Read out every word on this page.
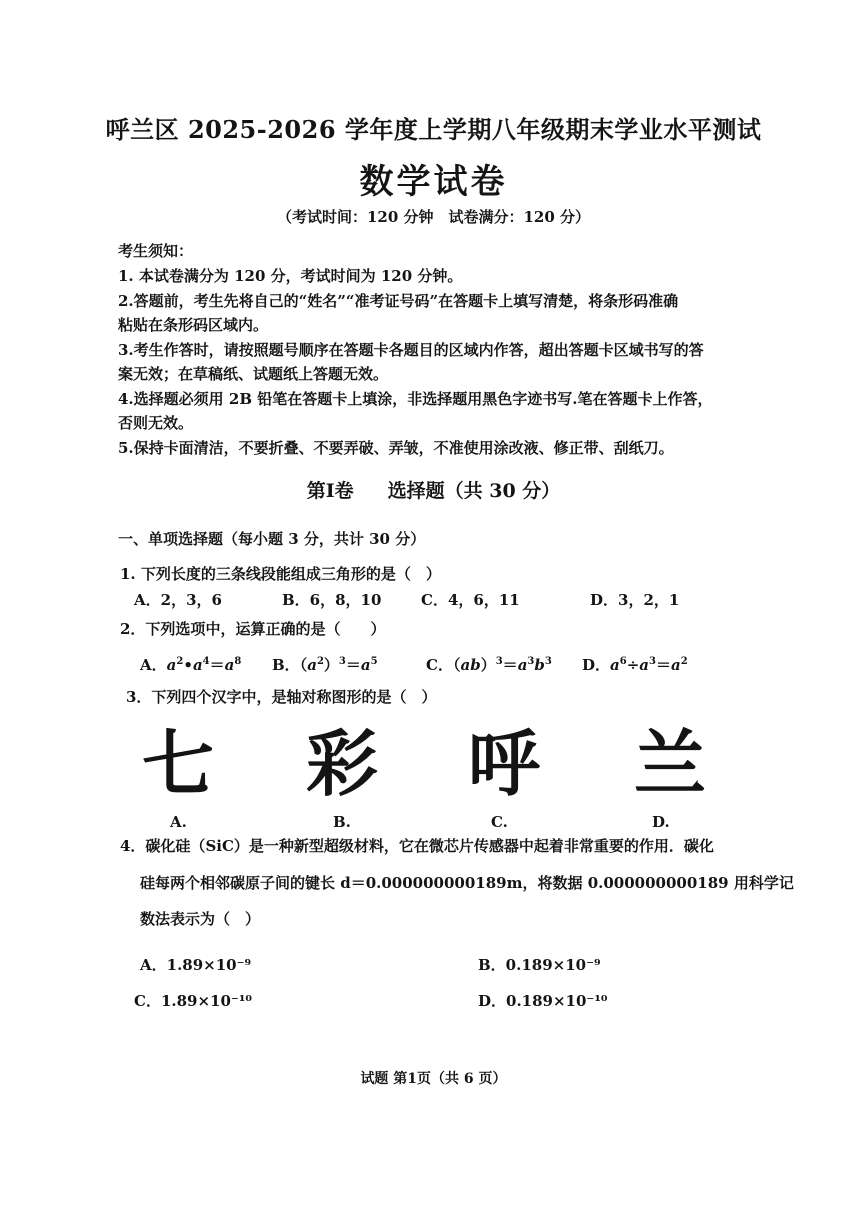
呼兰区 2025-2026 学年度上学期八年级期末学业水平测试
数学试卷
（考试时间：120 分钟　试卷满分：120 分）
考生须知：
1. 本试卷满分为 120 分，考试时间为 120 分钟。
2.答题前，考生先将自己的“姓名”“准考证号码”在答题卡上填写清楚，将条形码准确
粘贴在条形码区域内。
3.考生作答时，请按照题号顺序在答题卡各题目的区域内作答，超出答题卡区域书写的答
案无效；在草稿纸、试题纸上答题无效。
4.选择题必须用 2B 铅笔在答题卡上填涂，非选择题用黑色字迹书写.笔在答题卡上作答，
否则无效。
5.保持卡面清洁，不要折叠、不要弄破、弄皱，不准使用涂改液、修正带、刮纸刀。
第Ⅰ卷 选择题（共 30 分）
一、单项选择题（每小题 3 分，共计 30 分）
1. 下列长度的三条线段能组成三角形的是（　）
A．2，3，6	B．6，8，10	C．4，6，11	D．3，2，1
2．下列选项中，运算正确的是（　　）
A．$a^2•a^4=a^8$ B．$(a^2)^3=a^5$	C．$(ab)^3=a^3b^3$ D．$a^6\div a^3=a^2$
3．下列四个汉字中，是轴对称图形的是（　）
七 彩 呼 兰
A.	B.	C.	D.
4．碳化硅（SiC）是一种新型超级材料，它在微芯片传感器中起着非常重要的作用．碳化
硅每两个相邻碳原子间的键长 d＝0.000000000189m，将数据 0.000000000189 用科学记
数法表示为（　）
A．1.89×10⁻⁹	B．0.189×10⁻⁹
C．1.89×10⁻¹⁰	D．0.189×10⁻¹⁰
试题 第1页（共 6 页）
